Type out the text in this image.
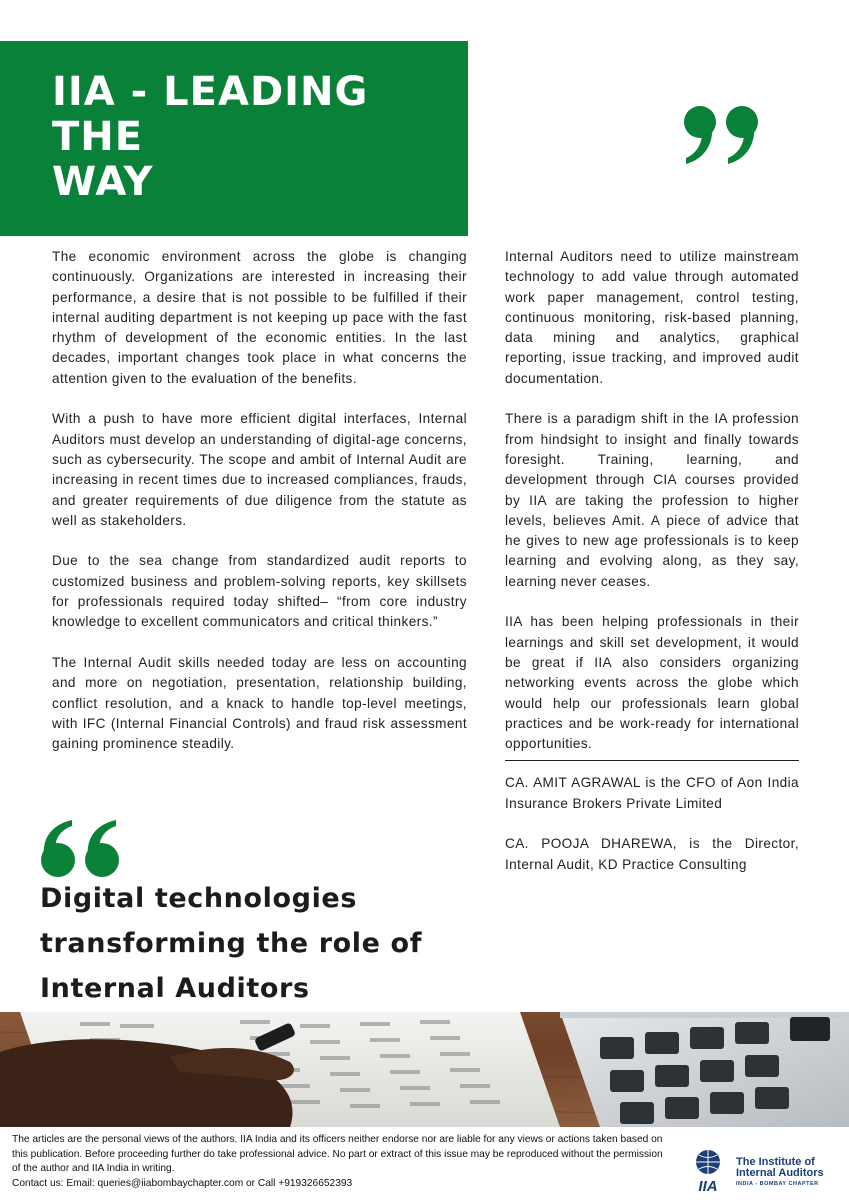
IIA - LEADING THE
WAY

The economic environment across the globe is changing continuously. Organizations are interested in increasing their performance, a desire that is not possible to be fulfilled if their internal auditing department is not keeping up pace with the fast rhythm of development of the economic entities. In the last decades, important changes took place in what concerns the attention given to the evaluation of the benefits.

With a push to have more efficient digital interfaces, Internal Auditors must develop an understanding of digital-age concerns, such as cybersecurity. The scope and ambit of Internal Audit are increasing in recent times due to increased compliances, frauds, and greater requirements of due diligence from the statute as well as stakeholders.

Due to the sea change from standardized audit reports to customized business and problem-solving reports, key skillsets for professionals required today shifted– “from core industry knowledge to excellent communicators and critical thinkers.”

The Internal Audit skills needed today are less on accounting and more on negotiation, presentation, relationship building, conflict resolution, and a knack to handle top-level meetings, with IFC (Internal Financial Controls) and fraud risk assessment gaining prominence steadily.

Internal Auditors need to utilize mainstream technology to add value through automated work paper management, control testing, continuous monitoring, risk-based planning, data mining and analytics, graphical reporting, issue tracking, and improved audit documentation.

There is a paradigm shift in the IA profession from hindsight to insight and finally towards foresight. Training, learning, and development through CIA courses provided by IIA are taking the profession to higher levels, believes Amit. A piece of advice that he gives to new age professionals is to keep learning and evolving along, as they say, learning never ceases.

IIA has been helping professionals in their learnings and skill set development, it would be great if IIA also considers organizing networking events across the globe which would help our professionals learn global practices and be work-ready for international opportunities.

CA. AMIT AGRAWAL is the CFO of Aon India Insurance Brokers Private Limited

CA. POOJA DHAREWA, is the Director, Internal Audit, KD Practice Consulting

Digital technologies
transforming the role of
Internal Auditors

The articles are the personal views of the authors. IIA India and its officers neither endorse nor are liable for any views or actions taken based on this publication. Before proceeding further do take professional advice. No part or extract of this issue may be reproduced without the permission of the author and IIA India in writing.

Contact us: Email: queries@iiabombaychapter.com or Call +919326652393	IIA
The Institute of
Internal Auditors
INDIA - BOMBAY CHAPTER
